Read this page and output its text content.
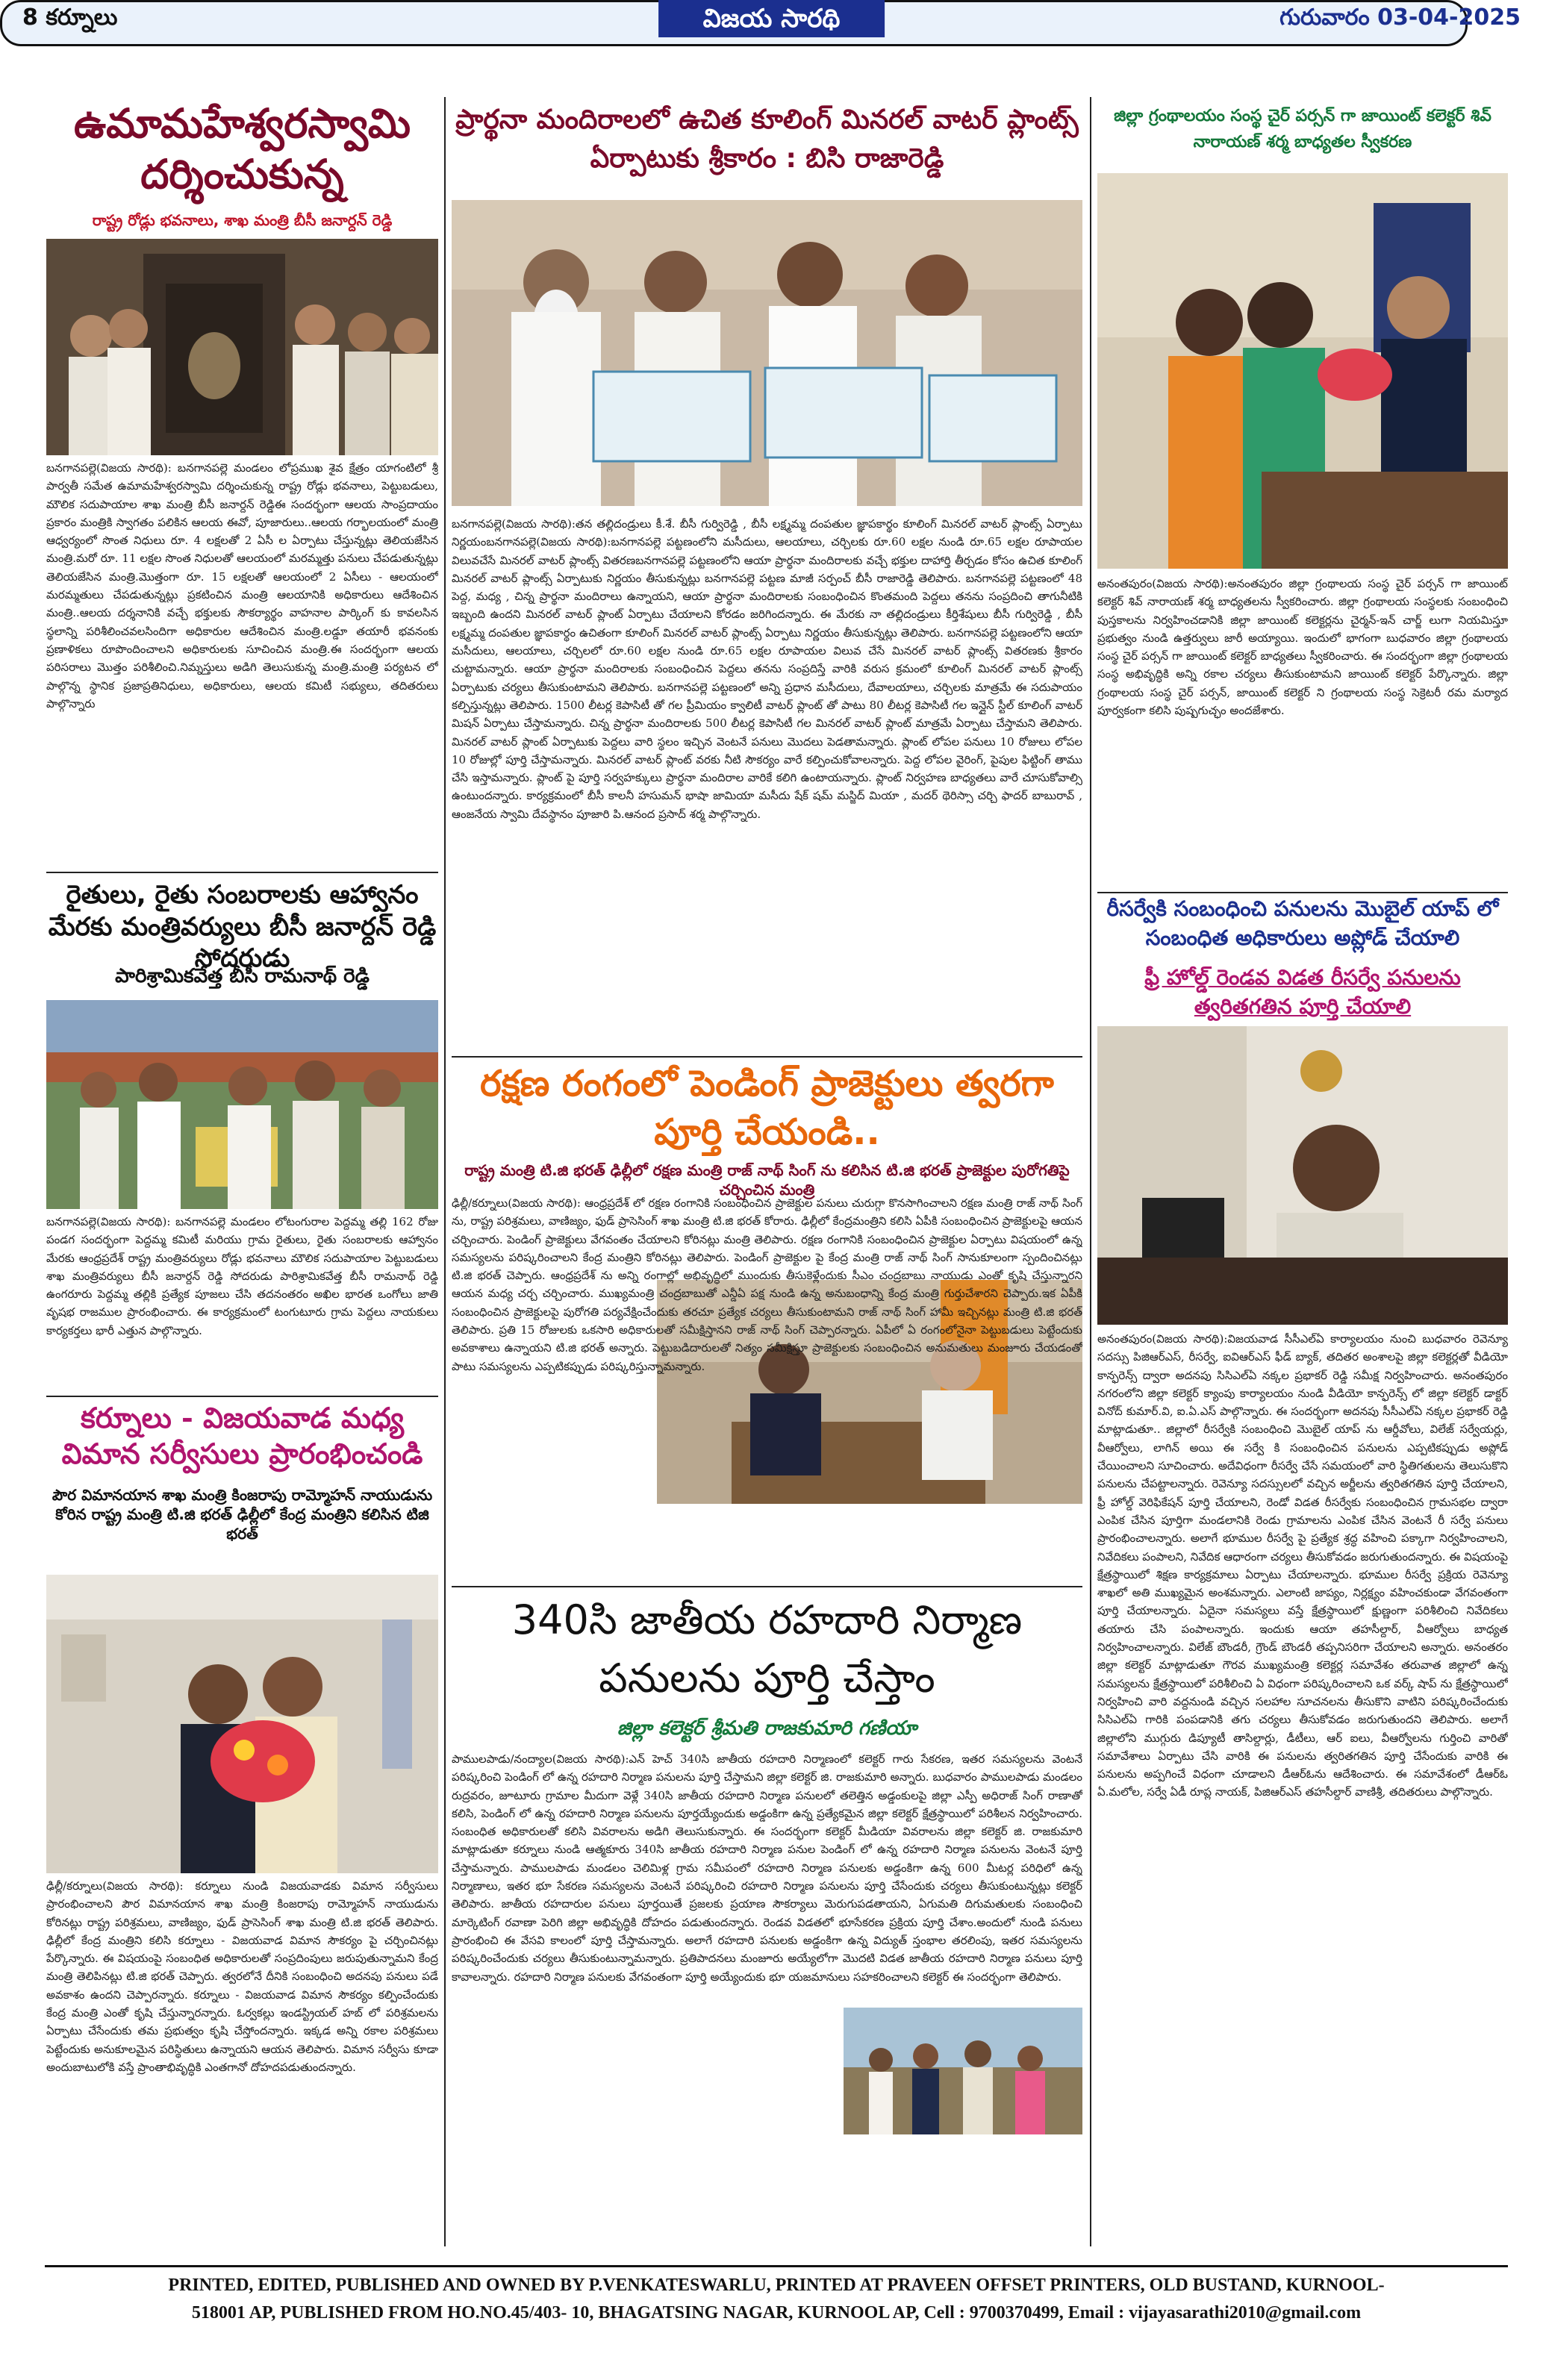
8 కర్నూలు	విజయ సారథి	గురువారం 03-04-2025
ఉమామహేశ్వరస్వామి దర్శించుకున్న
రాష్ట్ర రోడ్లు భవనాలు, శాఖ మంత్రి బీసీ జనార్దన్ రెడ్డి
బనగానపల్లె(విజయ సారథి): బనగానపల్లె మండలం లోప్రముఖ శైవ క్షేత్రం యాగంటిలో శ్రీ పార్వతీ సమేత ఉమామహేశ్వరస్వామి దర్శించుకున్న రాష్ట్ర రోడ్లు భవనాలు, పెట్టుబడులు, మౌలిక సదుపాయాల శాఖ మంత్రి బీసీ జనార్దన్ రెడ్డిఈ సందర్భంగా ఆలయ సాంప్రదాయం ప్రకారం మంత్రికి స్వాగతం పలికిన ఆలయ ఈవో, పూజారులు..ఆలయ గర్భాలయంలో మంత్రి ఆధ్వర్యంలో సొంత నిధులు రూ. 4 లక్షలతో 2 ఏసీ ల ఏర్పాటు చేస్తున్నట్లు తెలియజేసిన మంత్రి.మరో రూ. 11 లక్షల సొంత నిధులతో ఆలయంలో మరమ్మత్తు పనులు చేపడుతున్నట్లు తెలియజేసిన మంత్రి.మొత్తంగా రూ. 15 లక్షలతో ఆలయంలో 2 ఏసీలు - ఆలయంలో మరమ్మతులు చేపడుతున్నట్లు ప్రకటించిన మంత్రి ఆలయానికి అధికారులు ఆదేశించిన మంత్రి..ఆలయ దర్శనానికి వచ్చే భక్తులకు సౌకర్యార్థం వాహనాల పార్కింగ్ కు కావలసిన స్థలాన్ని పరిశీలించవలసిందిగా అధికారుల ఆదేశించిన మంత్రి.లడ్డూ తయారీ భవనంకు ప్రణాళికలు రూపొందించాలని అధికారులకు సూచించిన మంత్రి.ఈ సందర్భంగా ఆలయ పరిసరాలు మొత్తం పరిశీలించి.నిమ్నస్తులు అడిగి తెలుసుకున్న మంత్రి.మంత్రి పర్యటన లో పాల్గొన్న స్థానిక ప్రజాప్రతినిధులు, అధికారులు, ఆలయ కమిటీ సభ్యులు, తదితరులు పాల్గొన్నారు
రైతులు, రైతు సంబరాలకు ఆహ్వానం మేరకు మంత్రివర్యులు బీసీ జనార్దన్ రెడ్డి సోదరుడు
పారిశ్రామికవేత్త బీసీ రామనాథ్ రెడ్డి
బనగానపల్లె(విజయ సారథి): బనగానపల్లె మండలం లోటంగురాల పెద్దమ్మ తల్లి 162 రోజు పండగ సందర్భంగా పెద్దమ్మ కమిటీ మరియు గ్రామ రైతులు, రైతు సంబరాలకు ఆహ్వానం మేరకు ఆంధ్రప్రదేశ్ రాష్ట్ర మంత్రివర్యులు రోడ్లు భవనాలు మౌలిక సదుపాయాల పెట్టుబడులు శాఖ మంత్రివర్యులు బీసీ జనార్దన్ రెడ్డి సోదరుడు పారిశ్రామికవేత్త బీసీ రామనాథ్ రెడ్డి ఉంగరూరు పెద్దమ్మ తల్లికి ప్రత్యేక పూజలు చేసి తదనంతరం అఖిల భారత ఒంగోలు జాతి వృషభ రాజముల ప్రారంభించారు. ఈ కార్యక్రమంలో టంగుటూరు గ్రామ పెద్దలు నాయకులు కార్యకర్తలు భారీ ఎత్తున పాల్గొన్నారు.
కర్నూలు - విజయవాడ మధ్య విమాన సర్వీసులు ప్రారంభించండి
పౌర విమానయాన శాఖ మంత్రి కింజరాపు రామ్మోహన్ నాయుడును కోరిన రాష్ట్ర మంత్రి టి.జి భరత్ ఢిల్లీలో కేంద్ర మంత్రిని కలిసిన టిజి భరత్
ఢిల్లీ/కర్నూలు(విజయ సారథి): కర్నూలు నుండి విజయవాడకు విమాన సర్వీసులు ప్రారంభించాలని పౌర విమానయాన శాఖ మంత్రి కింజరాపు రామ్మోహన్ నాయుడును కోరినట్లు రాష్ట్ర పరిశ్రమలు, వాణిజ్యం, ఫుడ్ ప్రాసెసింగ్ శాఖ మంత్రి టి.జి భరత్ తెలిపారు. ఢిల్లీలో కేంద్ర మంత్రిని కలిసి కర్నూలు - విజయవాడ విమాన సౌకర్యం పై చర్చించినట్లు పేర్కొన్నారు. ఈ విషయంపై సంబంధిత అధికారులతో సంప్రదింపులు జరుపుతున్నామని కేంద్ర మంత్రి తెలిపినట్లు టి.జి భరత్ చెప్పారు. త్వరలోనే దీనికి సంబంధించి అదనపు పనులు పడే అవకాశం ఉందని చెప్పారన్నారు. కర్నూలు - విజయవాడ విమాన సౌకర్యం కల్పించేందుకు కేంద్ర మంత్రి ఎంతో కృషి చేస్తున్నారన్నారు. ఓర్వకల్లు ఇండస్ట్రియల్ హబ్ లో పరిశ్రమలను ఏర్పాటు చేసేందుకు తమ ప్రభుత్వం కృషి చేస్తోందన్నారు. ఇక్కడ అన్ని రకాల పరిశ్రమలు పెట్టేందుకు అనుకూలమైన పరిస్థితులు ఉన్నాయని ఆయన తెలిపారు. విమాన సర్వీసు కూడా అందుబాటులోకి వస్తే ప్రాంతాభివృద్ధికి ఎంతగానో దోహదపడుతుందన్నారు.
ప్రార్థనా మందిరాలలో ఉచిత కూలింగ్ మినరల్ వాటర్ ప్లాంట్స్ ఏర్పాటుకు శ్రీకారం : బిసి రాజారెడ్డి
బనగానపల్లె(విజయ సారథి):తన తల్లిదండ్రులు కీ.శే. బీసీ గుర్విరెడ్డి , బీసీ లక్ష్మమ్మ దంపతుల జ్ఞాపకార్థం కూలింగ్ మినరల్ వాటర్ ప్లాంట్స్ ఏర్పాటు నిర్ణయంబనగానపల్లె(విజయ సారథి):బనగానపల్లె పట్టణంలోని మసీదులు, ఆలయాలు, చర్చిలకు రూ.60 లక్షల నుండి రూ.65 లక్షల రూపాయల విలువచేసే మినరల్ వాటర్ ప్లాంట్స్ వితరణబనగానపల్లె పట్టణంలోని ఆయా ప్రార్థనా మందిరాలకు వచ్చే భక్తుల దాహార్తి తీర్చడం కోసం ఉచిత కూలింగ్ మినరల్ వాటర్ ప్లాంట్స్ ఏర్పాటుకు నిర్ణయం తీసుకున్నట్లు బనగానపల్లె పట్టణ మాజీ సర్పంచ్ బీసీ రాజారెడ్డి తెలిపారు. బనగానపల్లె పట్టణంలో 48 పెద్ద, మధ్య , చిన్న ప్రార్థనా మందిరాలు ఉన్నాయని, ఆయా ప్రార్థనా మందిరాలకు సంబంధించిన కొంతమంది పెద్దలు తనను సంప్రదించి తాగునీటికి ఇబ్బంది ఉందని మినరల్ వాటర్ ప్లాంట్ ఏర్పాటు చేయాలని కోరడం జరిగిందన్నారు. ఈ మేరకు నా తల్లిదండ్రులు కీర్తిశేషులు బీసీ గుర్విరెడ్డి , బీసీ లక్ష్మమ్మ దంపతుల జ్ఞాపకార్థం ఉచితంగా కూలింగ్ మినరల్ వాటర్ ప్లాంట్స్ ఏర్పాటు నిర్ణయం తీసుకున్నట్లు తెలిపారు. బనగానపల్లె పట్టణంలోని ఆయా మసీదులు, ఆలయాలు, చర్చిలలో రూ.60 లక్షల నుండి రూ.65 లక్షల రూపాయల విలువ చేసే మినరల్ వాటర్ ప్లాంట్స్ వితరణకు శ్రీకారం చుట్టామన్నారు. ఆయా ప్రార్థనా మందిరాలకు సంబంధించిన పెద్దలు తనను సంప్రదిస్తే వారికి వరుస క్రమంలో కూలింగ్ మినరల్ వాటర్ ప్లాంట్స్ ఏర్పాటుకు చర్యలు తీసుకుంటామని తెలిపారు. బనగానపల్లె పట్టణంలో అన్ని ప్రధాన మసీదులు, దేవాలయాలు, చర్చిలకు మాత్రమే ఈ సదుపాయం కల్పిస్తున్నట్లు తెలిపారు. 1500 లీటర్ల కెపాసిటీ తో గల ప్రీమియం క్వాలిటీ వాటర్ ప్లాంట్ తో పాటు 80 లీటర్ల కెపాసిటీ గల ఇన్లైన్ స్టీల్ కూలింగ్ వాటర్ మిషన్ ఏర్పాటు చేస్తామన్నారు. చిన్న ప్రార్థనా మందిరాలకు 500 లీటర్ల కెపాసిటీ గల మినరల్ వాటర్ ప్లాంట్ మాత్రమే ఏర్పాటు చేస్తామని తెలిపారు. మినరల్ వాటర్ ప్లాంట్ ఏర్పాటుకు పెద్దలు వారి స్థలం ఇచ్చిన వెంటనే పనులు మొదలు పెడతామన్నారు. ప్లాంట్ లోపల పనులు 10 రోజులు లోపల 10 రోజుల్లో పూర్తి చేస్తామన్నారు. మినరల్ వాటర్ ప్లాంట్ వరకు నీటి సౌకర్యం వారే కల్పించుకోవాలన్నారు. పెద్ద లోపల వైరింగ్, పైపుల ఫిట్టింగ్ తాము చేసి ఇస్తామన్నారు. ప్లాంట్ పై పూర్తి సర్వహక్కులు ప్రార్థనా మందిరాల వారికే కలిగి ఉంటాయన్నారు. ప్లాంట్ నిర్వహణ బాధ్యతలు వారే చూసుకోవాల్సి ఉంటుందన్నారు. కార్యక్రమంలో బీసీ కాలనీ హసుమన్ భాషా జామియా మసీదు షేక్ షమ్ మస్జిద్ మియా , మదర్ థెరిస్సా చర్చి ఫాదర్ బాబురావ్ , ఆంజనేయ స్వామి దేవస్థానం పూజారి పి.ఆనంద ప్రసాద్ శర్మ పాల్గొన్నారు.
రక్షణ రంగంలో పెండింగ్ ప్రాజెక్టులు త్వరగా పూర్తి చేయండి..
రాష్ట్ర మంత్రి టి.జి భరత్ ఢిల్లీలో రక్షణ మంత్రి రాజ్ నాథ్ సింగ్ ను కలిసిన టి.జి భరత్ ప్రాజెక్టుల పురోగతిపై చర్చించిన మంత్రి
ఢిల్లీ/కర్నూలు(విజయ సారథి): ఆంధ్రప్రదేశ్ లో రక్షణ రంగానికి సంబంధించిన ప్రాజెక్టుల పనులు చురుగ్గా కొనసాగించాలని రక్షణ మంత్రి రాజ్ నాథ్ సింగ్ ను, రాష్ట్ర పరిశ్రమలు, వాణిజ్యం, ఫుడ్ ప్రాసెసింగ్ శాఖ మంత్రి టి.జి భరత్ కోరారు. ఢిల్లీలో కేంద్రమంత్రిని కలిసి ఏపీకి సంబంధించిన ప్రాజెక్టులపై ఆయన చర్చించారు. పెండింగ్ ప్రాజెక్టులు వేగవంతం చేయాలని కోరినట్లు మంత్రి తెలిపారు. రక్షణ రంగానికి సంబంధించిన ప్రాజెక్టుల ఏర్పాటు విషయంలో ఉన్న సమస్యలను పరిష్కరించాలని కేంద్ర మంత్రిని కోరినట్లు తెలిపారు. పెండింగ్ ప్రాజెక్టుల పై కేంద్ర మంత్రి రాజ్ నాథ్ సింగ్ సానుకూలంగా స్పందించినట్లు టి.జి భరత్ చెప్పారు. ఆంధ్రప్రదేశ్ ను అన్ని రంగాల్లో అభివృద్ధిలో ముందుకు తీసుకెళ్లేందుకు సీఎం చంద్రబాబు నాయుడు ఎంతో కృషి చేస్తున్నారని ఆయన మధ్య చర్చ చర్చించారు. ముఖ్యమంత్రి చంద్రబాబుతో ఎన్డీఏ పక్ష నుండి ఉన్న అనుబంధాన్ని కేంద్ర మంత్రి గుర్తుచేశారని చెప్పారు.ఇక ఏపీకి సంబంధించిన ప్రాజెక్టులపై పురోగతి పర్యవేక్షించేందుకు తరచూ ప్రత్యేక చర్యలు తీసుకుంటామని రాజ్ నాథ్ సింగ్ హామీ ఇచ్చినట్లు మంత్రి టి.జి భరత్ తెలిపారు. ప్రతి 15 రోజులకు ఒకసారి అధికారులతో సమీక్షిస్తానని రాజ్ నాథ్ సింగ్ చెప్పారన్నారు. ఏపీలో ఏ రంగంలోనైనా పెట్టుబడులు పెట్టేందుకు అవకాశాలు ఉన్నాయని టి.జి భరత్ అన్నారు. పెట్టుబడిదారులతో నిత్యం సమీక్షిస్తూ ప్రాజెక్టులకు సంబంధించిన అనుమతులు మంజూరు చేయడంతో పాటు సమస్యలను ఎప్పటికప్పుడు పరిష్కరిస్తున్నామన్నారు.
340సి జాతీయ రహదారి నిర్మాణ పనులను పూర్తి చేస్తాం
జిల్లా కలెక్టర్ శ్రీమతి రాజకుమారి గణియా
పాములపాడు/నంద్యాల(విజయ సారథి):ఎన్ హెచ్ 340సి జాతీయ రహదారి నిర్మాణంలో కలెక్టర్ గారు సేకరణ, ఇతర సమస్యలను వెంటనే పరిష్కరించి పెండింగ్ లో ఉన్న రహదారి నిర్మాణ పనులను పూర్తి చేస్తామని జిల్లా కలెక్టర్ జి. రాజకుమారి అన్నారు. బుధవారం పాములపాడు మండలం రుద్రవరం, జూటూరు గ్రామాల మీదుగా వెళ్లే 340సి జాతీయ రహదారి నిర్మాణ పనులలో తలెత్తిన అడ్డంకులపై జిల్లా ఎస్పీ అధిరాజ్ సింగ్ రాణాతో కలిసి, పెండింగ్ లో ఉన్న రహదారి నిర్మాణ పనులను పూర్తయ్యేందుకు అడ్డంకిగా ఉన్న ప్రత్యేకమైన జిల్లా కలెక్టర్ క్షేత్రస్థాయిలో పరిశీలన నిర్వహించారు. సంబంధిత అధికారులతో కలిసి వివరాలను అడిగి తెలుసుకున్నారు. ఈ సందర్భంగా కలెక్టర్ మీడియా వివరాలను జిల్లా కలెక్టర్ జి. రాజకుమారి మాట్లాడుతూ కర్నూలు నుండి ఆత్మకూరు 340సి జాతీయ రహదారి నిర్మాణ పనుల పెండింగ్ లో ఉన్న రహదారి నిర్మాణ పనులను వెంటనే పూర్తి చేస్తామన్నారు. పాములపాడు మండలం చెలిమిళ్ల గ్రామ సమీపంలో రహదారి నిర్మాణ పనులకు అడ్డంకిగా ఉన్న 600 మీటర్ల పరిధిలో ఉన్న నిర్మాణాలు, ఇతర భూ సేకరణ సమస్యలను వెంటనే పరిష్కరించి రహదారి నిర్మాణ పనులను పూర్తి చేసేందుకు చర్యలు తీసుకుంటున్నట్లు కలెక్టర్ తెలిపారు. జాతీయ రహదారుల పనులు పూర్తయితే ప్రజలకు ప్రయాణ సౌకర్యాలు మెరుగుపడతాయని, ఏగుమతి దిగుమతులకు సంబంధించి మార్కెటింగ్ రవాణా పెరిగి జిల్లా అభివృద్ధికి దోహదం పడుతుందన్నారు. రెండవ విడతలో భూసేకరణ ప్రక్రియ పూర్తి చేశాం.అందులో నుండి పనులు ప్రారంభించి ఈ వేసవి కాలంలో పూర్తి చేస్తామన్నారు. అలాగే రహదారి పనులకు అడ్డంకిగా ఉన్న విద్యుత్ స్తంభాల తరలింపు, ఇతర సమస్యలను పరిష్కరించేందుకు చర్యలు తీసుకుంటున్నామన్నారు. ప్రతిపాదనలు మంజూరు అయ్యేలోగా మొదటి విడత జాతీయ రహదారి నిర్మాణ పనులు పూర్తి కావాలన్నారు. రహదారి నిర్మాణ పనులకు వేగవంతంగా పూర్తి అయ్యేందుకు భూ యజమానులు సహకరించాలని కలెక్టర్ ఈ సందర్భంగా తెలిపారు.
జిల్లా గ్రంథాలయం సంస్థ చైర్ పర్సన్ గా జాయింట్ కలెక్టర్ శివ్ నారాయణ్ శర్మ బాధ్యతల స్వీకరణ
అనంతపురం(విజయ సారథి):అనంతపురం జిల్లా గ్రంథాలయ సంస్థ చైర్ పర్సన్ గా జాయింట్ కలెక్టర్ శివ్ నారాయణ్ శర్మ బాధ్యతలను స్వీకరించారు. జిల్లా గ్రంథాలయ సంస్థలకు సంబంధించి పుస్తకాలను నిర్వహించడానికి జిల్లా జాయింట్ కలెక్టర్లను చైర్మన్-ఇన్ చార్జ్ లుగా నియమిస్తూ ప్రభుత్వం నుండి ఉత్తర్వులు జారీ అయ్యాయి. ఇందులో భాగంగా బుధవారం జిల్లా గ్రంథాలయ సంస్థ చైర్ పర్సన్ గా జాయింట్ కలెక్టర్ బాధ్యతలు స్వీకరించారు. ఈ సందర్భంగా జిల్లా గ్రంథాలయ సంస్థ అభివృద్ధికి అన్ని రకాల చర్యలు తీసుకుంటామని జాయింట్ కలెక్టర్ పేర్కొన్నారు. జిల్లా గ్రంథాలయ సంస్థ చైర్ పర్సన్, జాయింట్ కలెక్టర్ ని గ్రంథాలయ సంస్థ సెక్రెటరీ రమ మర్యాద పూర్వకంగా కలిసి పుష్పగుచ్ఛం అందజేశారు.
రీసర్వేకి సంబంధించి పనులను మొబైల్ యాప్ లో సంబంధిత అధికారులు అప్లోడ్ చేయాలి
ఫ్రీ హోల్డ్ రెండవ విడత రీసర్వే పనులను త్వరితగతిన పూర్తి చేయాలి
అనంతపురం(విజయ సారథి):విజయవాడ సీసీఎల్ఏ కార్యాలయం నుంచి బుధవారం రెవెన్యూ సదస్సు పిజిఆర్ఎస్, రీసర్వే, ఐవిఆర్ఎస్ ఫీడ్ బ్యాక్, తదితర అంశాలపై జిల్లా కలెక్టర్లతో వీడియో కాన్ఫరెన్స్ ద్వారా అదనపు సిసిఎల్ఏ నక్కల ప్రభాకర్ రెడ్డి సమీక్ష నిర్వహించారు. అనంతపురం నగరంలోని జిల్లా కలెక్టర్ క్యాంపు కార్యాలయం నుండి వీడియో కాన్ఫరెన్స్ లో జిల్లా కలెక్టర్ డాక్టర్ వినోద్ కుమార్.వి, ఐ.ఏ.ఎస్ పాల్గొన్నారు. ఈ సందర్భంగా అదనపు సీసీఎల్ఏ నక్కల ప్రభాకర్ రెడ్డి మాట్లాడుతూ.. జిల్లాలో రీసర్వేకి సంబంధించి మొబైల్ యాప్ ను ఆర్డీవోలు, విలేజ్ సర్వేయర్లు, వీఆర్వోలు, లాగిన్ అయి ఈ సర్వే కి సంబంధించిన పనులను ఎప్పటికప్పుడు అప్లోడ్ చేయించాలని సూచించారు. అదేవిధంగా రీసర్వే చేసే సమయంలో వారి స్థితిగతులను తెలుసుకొని పనులను చేపట్టాలన్నారు. రెవెన్యూ సదస్సులలో వచ్చిన అర్జీలను త్వరితగతిన పూర్తి చేయాలని, ఫ్రీ హోల్డ్ వెరిఫికేషన్ పూర్తి చేయాలని, రెండో విడత రీసర్వేకు సంబంధించిన గ్రామసభల ద్వారా ఎంపిక చేసిన పూర్తిగా మండలానికి రెండు గ్రామాలను ఎంపిక చేసిన వెంటనే రీ సర్వే పనులు ప్రారంభించాలన్నారు. అలాగే భూముల రీసర్వే పై ప్రత్యేక శ్రద్ధ వహించి పక్కాగా నిర్వహించాలని, నివేదికలు పంపాలని, నివేదిక ఆధారంగా చర్యలు తీసుకోవడం జరుగుతుందన్నారు. ఈ విషయంపై క్షేత్రస్థాయిలో శిక్షణ కార్యక్రమాలు ఏర్పాటు చేయాలన్నారు. భూముల రీసర్వే ప్రక్రియ రెవెన్యూ శాఖలో అతి ముఖ్యమైన అంశమన్నారు. ఎలాంటి జాప్యం, నిర్లక్ష్యం వహించకుండా వేగవంతంగా పూర్తి చేయాలన్నారు. ఏదైనా సమస్యలు వస్తే క్షేత్రస్థాయిలో క్షుణ్ణంగా పరిశీలించి నివేదికలు తయారు చేసి పంపాలన్నారు. ఇందుకు ఆయా తహసీల్దార్, వీఆర్వోలు బాధ్యత నిర్వహించాలన్నారు. విలేజ్ బౌండరీ, గ్రౌండ్ బౌండరీ తప్పనిసరిగా చేయాలని అన్నారు. అనంతరం జిల్లా కలెక్టర్ మాట్లాడుతూ గౌరవ ముఖ్యమంత్రి కలెక్టర్ల సమావేశం తరువాత జిల్లాలో ఉన్న సమస్యలను క్షేత్రస్థాయిలో పరిశీలించి ఏ విధంగా పరిష్కరించాలని ఒక వర్క్ షాప్ ను క్షేత్రస్థాయిలో నిర్వహించి వారి వద్దనుండి వచ్చిన సలహాల సూచనలను తీసుకొని వాటిని పరిష్కరించేందుకు సిసిఎల్ఏ గారికి పంపడానికి తగు చర్యలు తీసుకోవడం జరుగుతుందని తెలిపారు. అలాగే జిల్లాలోని ముగ్గురు డిప్యూటీ తాసిల్దార్లు, డీటీలు, ఆర్ ఐలు, వీఆర్వోలను గుర్తించి వారితో సమావేశాలు ఏర్పాటు చేసి వారికి ఈ పనులను త్వరితగతిన పూర్తి చేసేందుకు వారికి ఈ పనులను అప్పగించే విధంగా చూడాలని డీఆర్ఓను ఆదేశించారు. ఈ సమావేశంలో డీఆర్ఓ ఏ.మలోల, సర్వే ఏడీ రూప్ల నాయక్, పిజిఆర్ఎస్ తహసీల్దార్ వాణిశ్రీ, తదితరులు పాల్గొన్నారు.
PRINTED, EDITED, PUBLISHED AND OWNED BY P.VENKATESWARLU, PRINTED AT PRAVEEN OFFSET PRINTERS, OLD BUSTAND, KURNOOL-
518001 AP, PUBLISHED FROM HO.NO.45/403- 10, BHAGATSING NAGAR, KURNOOL AP, Cell : 9700370499, Email : vijayasarathi2010@gmail.com
